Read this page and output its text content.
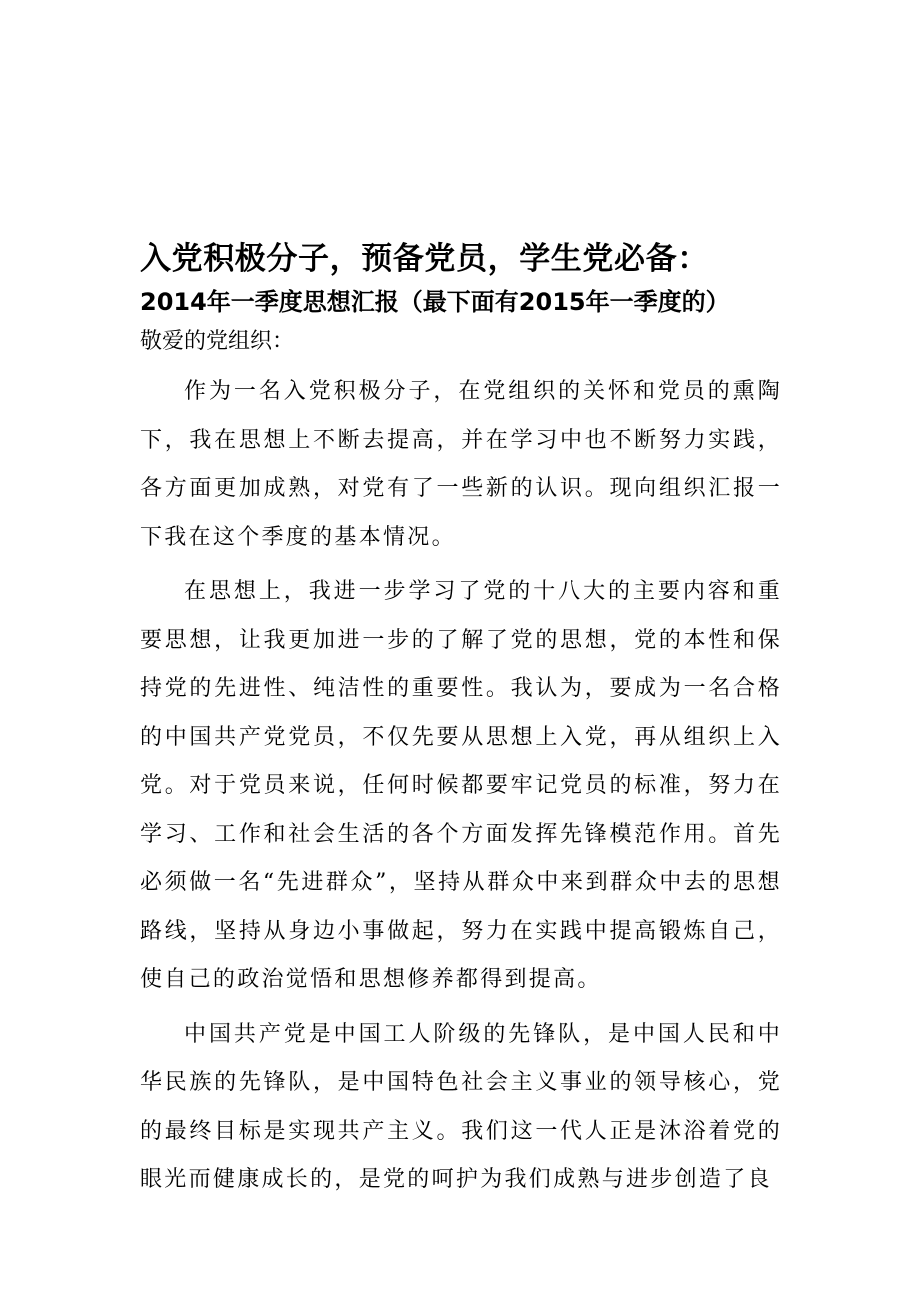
入党积极分子，预备党员，学生党必备：
2014年一季度思想汇报（最下面有2015年一季度的）

敬爱的党组织：

作为一名入党积极分子，在党组织的关怀和党员的熏陶下，我在思想上不断去提高，并在学习中也不断努力实践，各方面更加成熟，对党有了一些新的认识。现向组织汇报一下我在这个季度的基本情况。

在思想上，我进一步学习了党的十八大的主要内容和重要思想，让我更加进一步的了解了党的思想，党的本性和保持党的先进性、纯洁性的重要性。我认为，要成为一名合格的中国共产党党员，不仅先要从思想上入党，再从组织上入党。对于党员来说，任何时候都要牢记党员的标准，努力在学习、工作和社会生活的各个方面发挥先锋模范作用。首先必须做一名“先进群众”，坚持从群众中来到群众中去的思想路线，坚持从身边小事做起，努力在实践中提高锻炼自己，使自己的政治觉悟和思想修养都得到提高。

中国共产党是中国工人阶级的先锋队，是中国人民和中华民族的先锋队，是中国特色社会主义事业的领导核心，党的最终目标是实现共产主义。我们这一代人正是沐浴着党的眼光而健康成长的，是党的呵护为我们成熟与进步创造了良
